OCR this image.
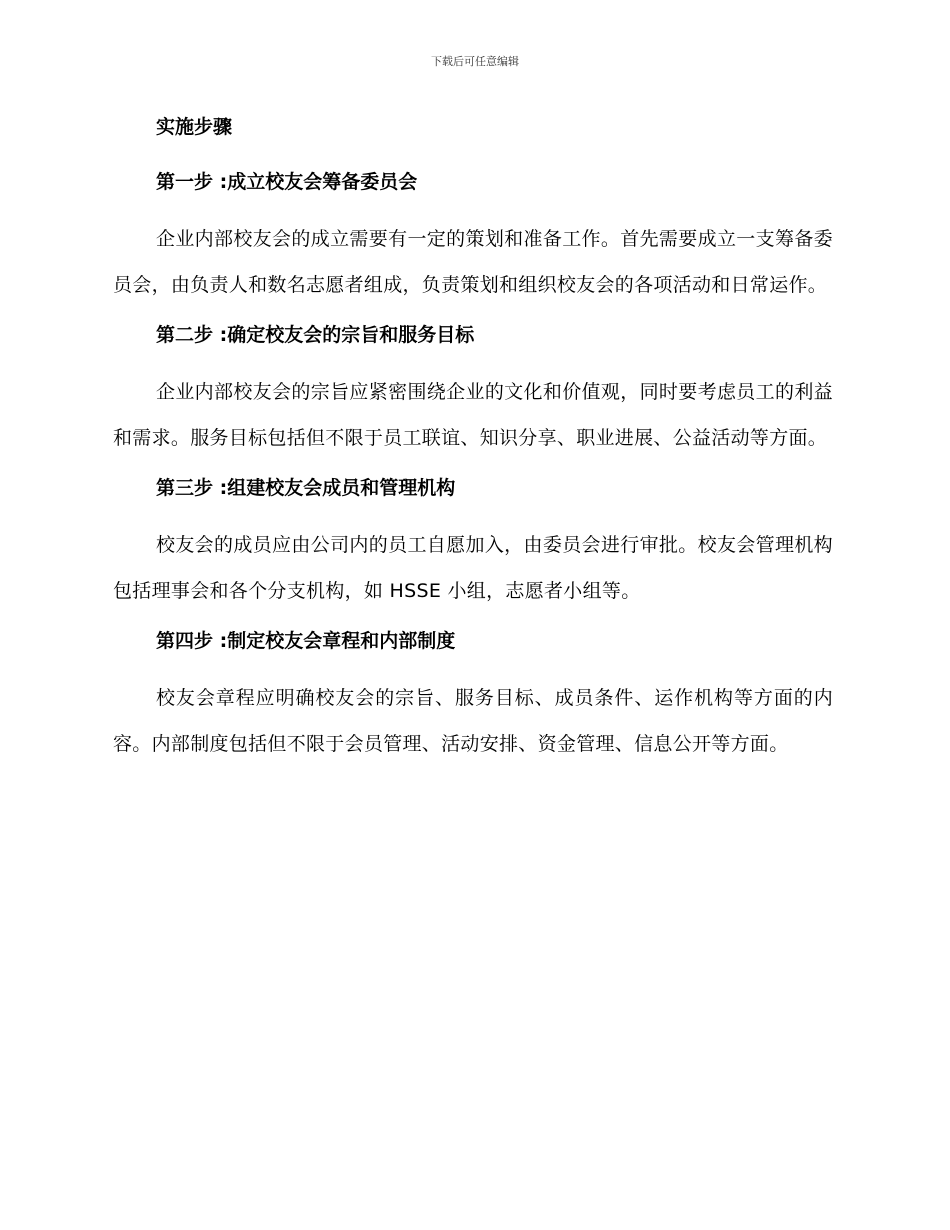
下载后可任意编辑

实施步骤

第一步 :成立校友会筹备委员会

企业内部校友会的成立需要有一定的策划和准备工作。首先需要成立一支筹备委员会，由负责人和数名志愿者组成，负责策划和组织校友会的各项活动和日常运作。

第二步 :确定校友会的宗旨和服务目标

企业内部校友会的宗旨应紧密围绕企业的文化和价值观，同时要考虑员工的利益和需求。服务目标包括但不限于员工联谊、知识分享、职业进展、公益活动等方面。

第三步 :组建校友会成员和管理机构

校友会的成员应由公司内的员工自愿加入，由委员会进行审批。校友会管理机构包括理事会和各个分支机构，如 HSSE 小组，志愿者小组等。

第四步 :制定校友会章程和内部制度

校友会章程应明确校友会的宗旨、服务目标、成员条件、运作机构等方面的内容。内部制度包括但不限于会员管理、活动安排、资金管理、信息公开等方面。
